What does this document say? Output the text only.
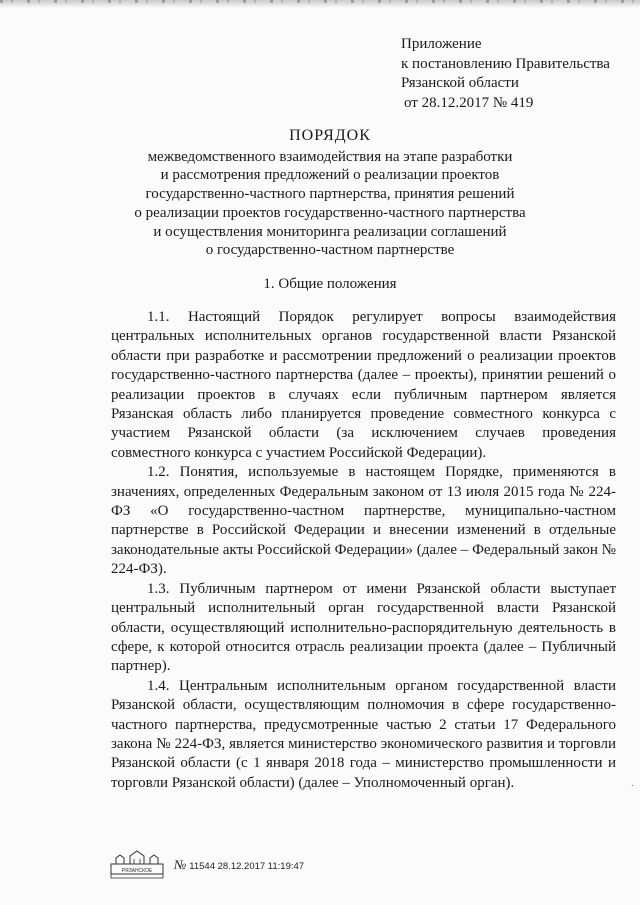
Приложение
к постановлению Правительства
Рязанской области
от 28.12.2017 № 419
ПОРЯДОК
межведомственного взаимодействия на этапе разработки
и рассмотрения предложений о реализации проектов
государственно-частного партнерства, принятия решений
о реализации проектов государственно-частного партнерства
и осуществления мониторинга реализации соглашений
о государственно-частном партнерстве
1. Общие положения

1.1. Настоящий Порядок регулирует вопросы взаимодействия центральных исполнительных органов государственной власти Рязанской области при разработке и рассмотрении предложений о реализации проектов государственно-частного партнерства (далее – проекты), принятии решений о реализации проектов в случаях если публичным партнером является Рязанская область либо планируется проведение совместного конкурса с участием Рязанской области (за исключением случаев проведения совместного конкурса с участием Российской Федерации).

1.2. Понятия, используемые в настоящем Порядке, применяются в значениях, определенных Федеральным законом от 13 июля 2015 года № 224-ФЗ «О государственно-частном партнерстве, муниципально-частном партнерстве в Российской Федерации и внесении изменений в отдельные законодательные акты Российской Федерации» (далее – Федеральный закон № 224-ФЗ).

1.3. Публичным партнером от имени Рязанской области выступает центральный исполнительный орган государственной власти Рязанской области, осуществляющий исполнительно-распорядительную деятельность в сфере, к которой относится отрасль реализации проекта (далее – Публичный партнер).

1.4. Центральным исполнительным органом государственной власти Рязанской области, осуществляющим полномочия в сфере государственно-частного партнерства, предусмотренные частью 2 статьи 17 Федерального закона № 224-ФЗ, является министерство экономического развития и торговли Рязанской области (с 1 января 2018 года – министерство промышленности и торговли Рязанской области) (далее – Уполномоченный орган).	˙
РЯЗАНСКОЕ № 11544 28.12.2017 11:19:47
